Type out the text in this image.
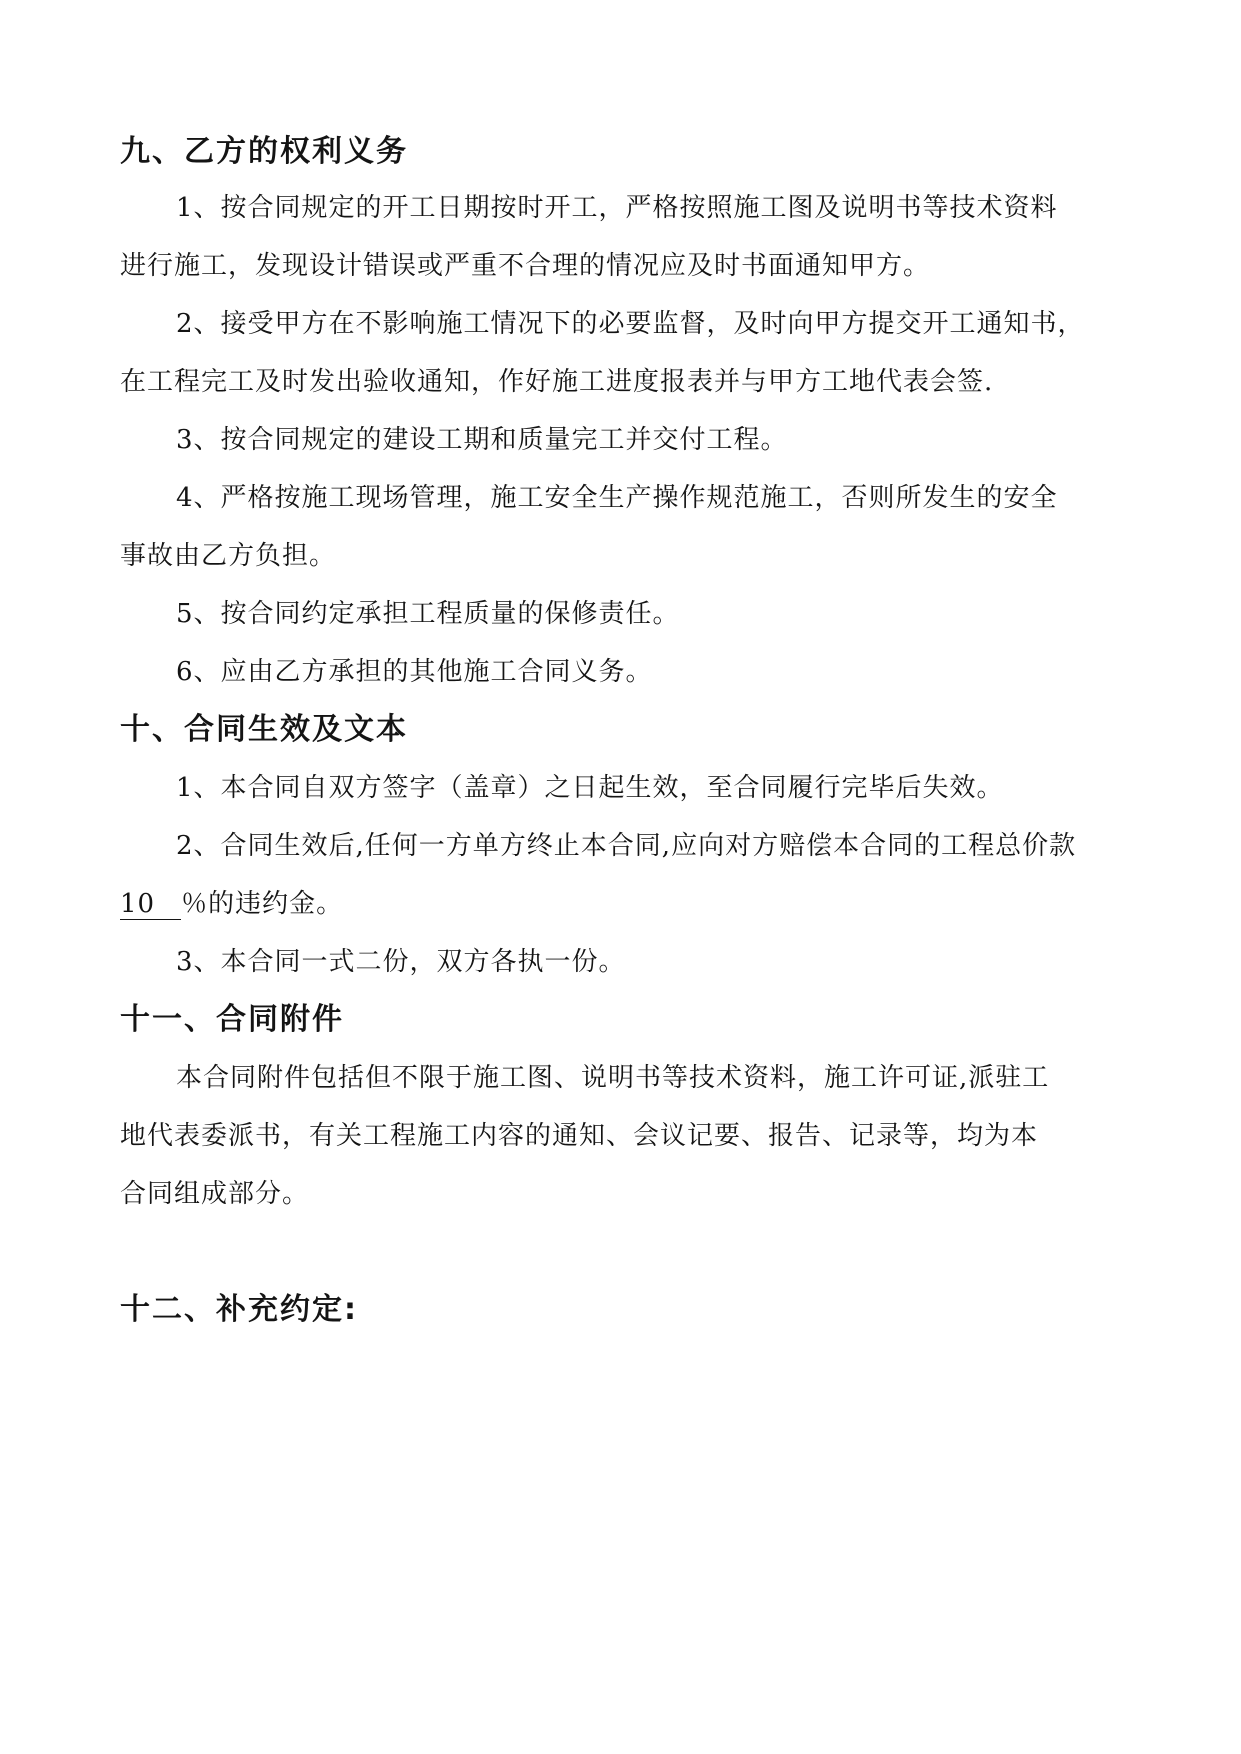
九、乙方的权利义务
1、按合同规定的开工日期按时开工，严格按照施工图及说明书等技术资料
进行施工，发现设计错误或严重不合理的情况应及时书面通知甲方。
2、接受甲方在不影响施工情况下的必要监督，及时向甲方提交开工通知书，
在工程完工及时发出验收通知，作好施工进度报表并与甲方工地代表会签.
3、按合同规定的建设工期和质量完工并交付工程。
4、严格按施工现场管理，施工安全生产操作规范施工，否则所发生的安全
事故由乙方负担。
5、按合同约定承担工程质量的保修责任。
6、应由乙方承担的其他施工合同义务。
十、合同生效及文本
1、本合同自双方签字（盖章）之日起生效，至合同履行完毕后失效。
2、合同生效后,任何一方单方终止本合同,应向对方赔偿本合同的工程总价款
10 ％的违约金。
3、本合同一式二份，双方各执一份。
十一、合同附件
本合同附件包括但不限于施工图、说明书等技术资料，施工许可证,派驻工
地代表委派书，有关工程施工内容的通知、会议记要、报告、记录等，均为本
合同组成部分。
十二、补充约定:
